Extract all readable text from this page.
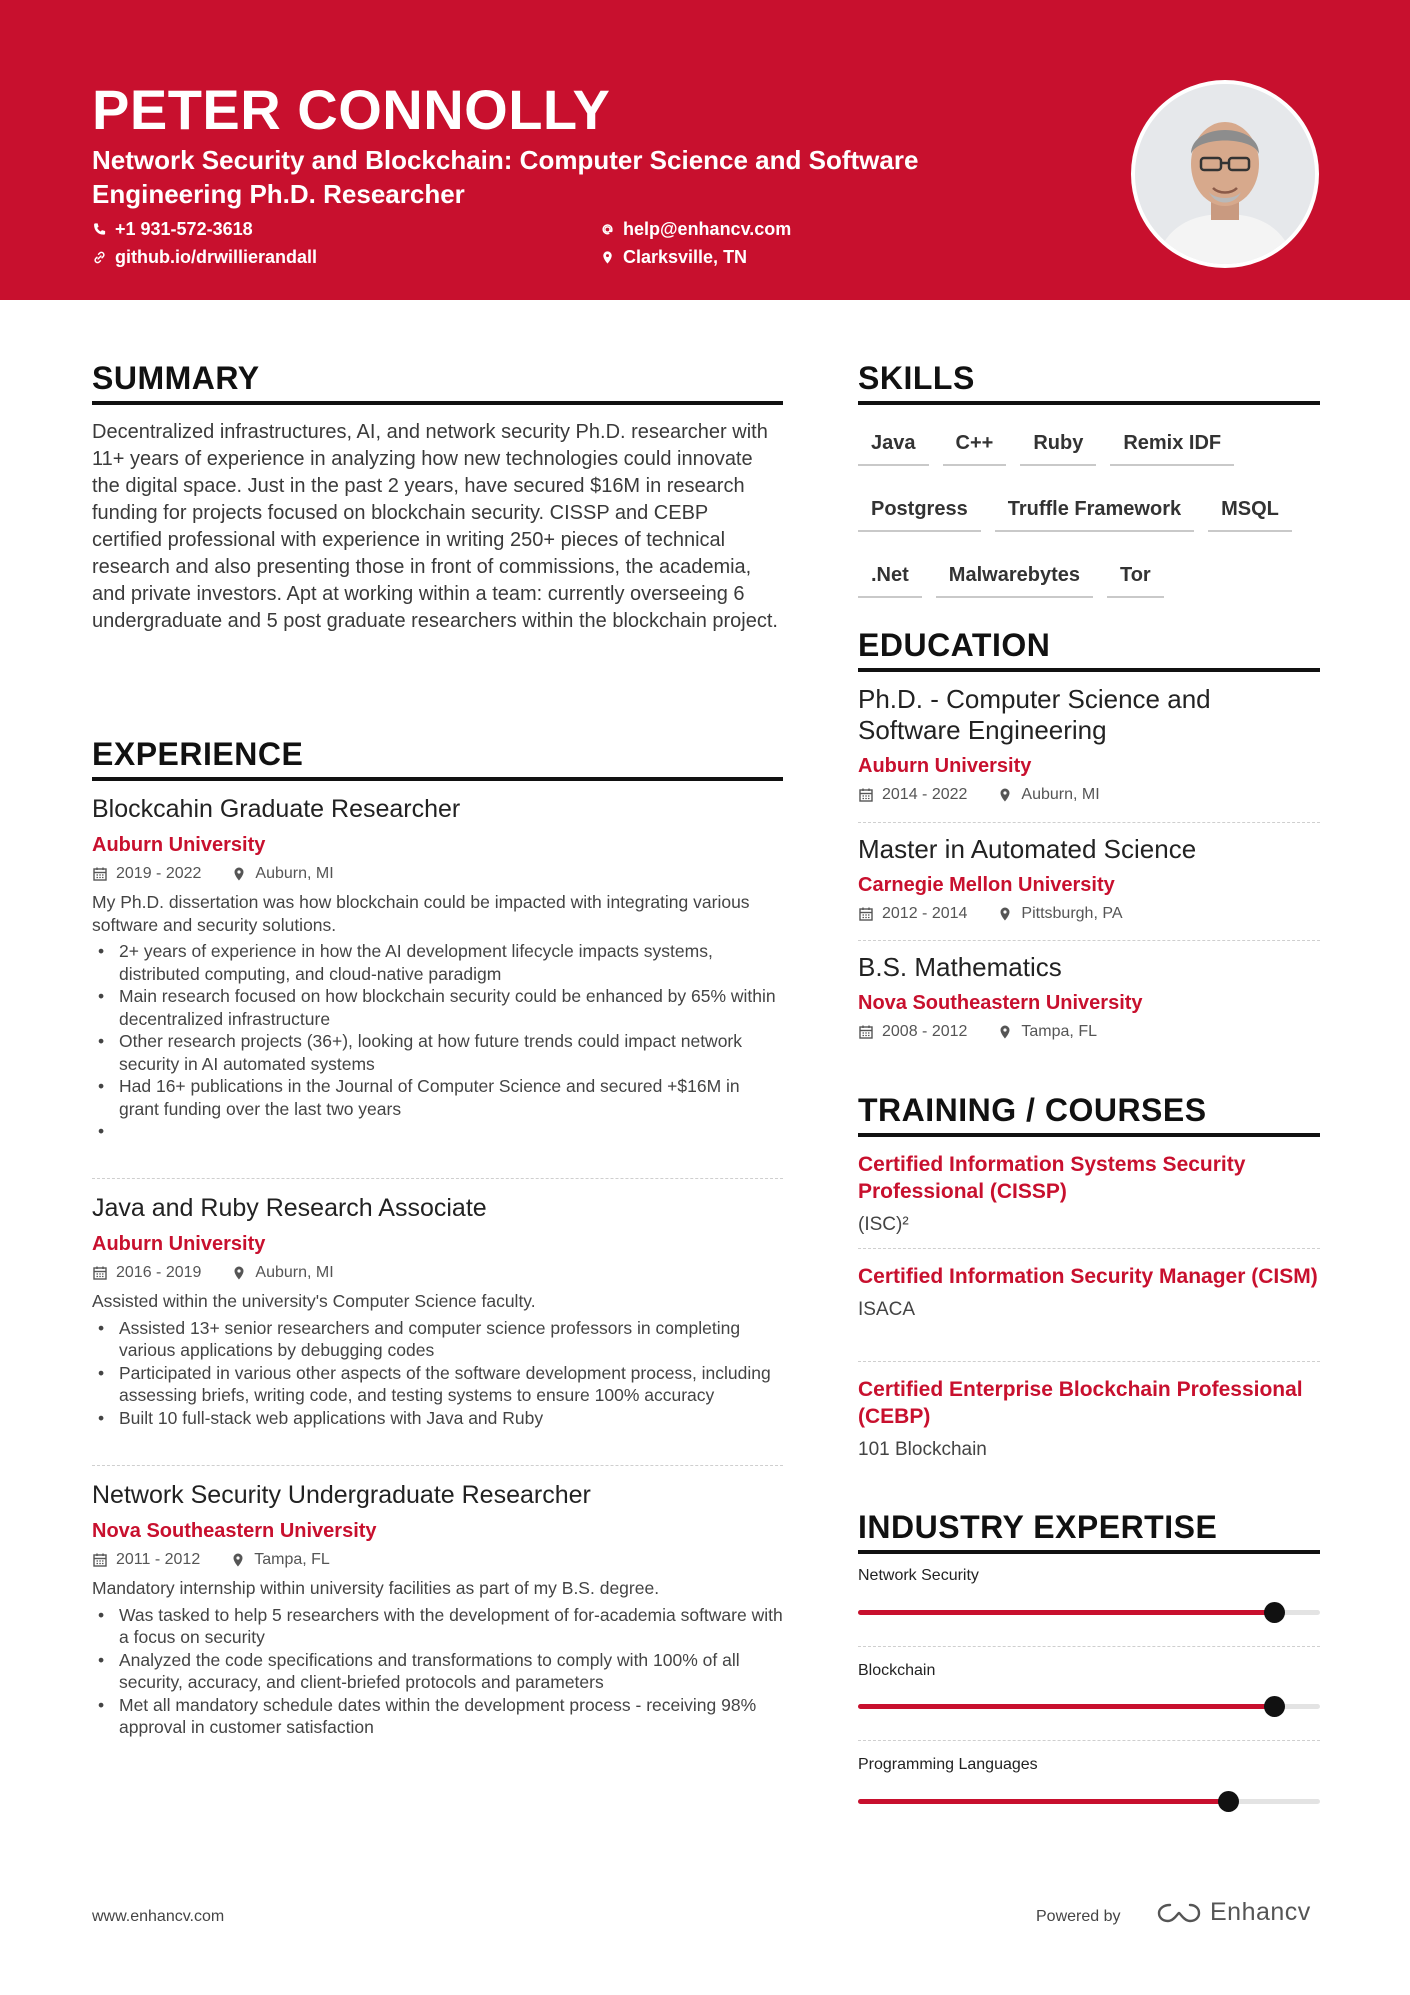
PETER CONNOLLY
Network Security and Blockchain: Computer Science and Software Engineering Ph.D. Researcher
+1 931-572-3618	help@enhancv.com
github.io/drwillierandall	Clarksville, TN
SUMMARY
Decentralized infrastructures, AI, and network security Ph.D. researcher with 11+ years of experience in analyzing how new technologies could innovate the digital space. Just in the past 2 years, have secured $16M in research funding for projects focused on blockchain security. CISSP and CEBP certified professional with experience in writing 250+ pieces of technical research and also presenting those in front of commissions, the academia, and private investors. Apt at working within a team: currently overseeing 6 undergraduate and 5 post graduate researchers within the blockchain project.
EXPERIENCE
Blockcahin Graduate Researcher
Auburn University
2019 - 2022	Auburn, MI
My Ph.D. dissertation was how blockchain could be impacted with integrating various software and security solutions.
• 2+ years of experience in how the AI development lifecycle impacts systems, distributed computing, and cloud-native paradigm
• Main research focused on how blockchain security could be enhanced by 65% within decentralized infrastructure
• Other research projects (36+), looking at how future trends could impact network security in AI automated systems
• Had 16+ publications in the Journal of Computer Science and secured +$16M in grant funding over the last two years
•
Java and Ruby Research Associate
Auburn University
2016 - 2019	Auburn, MI
Assisted within the university's Computer Science faculty.
• Assisted 13+ senior researchers and computer science professors in completing various applications by debugging codes
• Participated in various other aspects of the software development process, including assessing briefs, writing code, and testing systems to ensure 100% accuracy
• Built 10 full-stack web applications with Java and Ruby
Network Security Undergraduate Researcher
Nova Southeastern University
2011 - 2012	Tampa, FL
Mandatory internship within university facilities as part of my B.S. degree.
• Was tasked to help 5 researchers with the development of for-academia software with a focus on security
• Analyzed the code specifications and transformations to comply with 100% of all security, accuracy, and client-briefed protocols and parameters
• Met all mandatory schedule dates within the development process - receiving 98% approval in customer satisfaction
SKILLS
Java	C++	Ruby	Remix IDF
Postgress	Truffle Framework	MSQL
.Net	Malwarebytes	Tor
EDUCATION
Ph.D. - Computer Science and Software Engineering
Auburn University
2014 - 2022	Auburn, MI
Master in Automated Science
Carnegie Mellon University
2012 - 2014	Pittsburgh, PA
B.S. Mathematics
Nova Southeastern University
2008 - 2012	Tampa, FL
TRAINING / COURSES
Certified Information Systems Security Professional (CISSP)
(ISC)²
Certified Information Security Manager (CISM)
ISACA
Certified Enterprise Blockchain Professional (CEBP)
101 Blockchain
INDUSTRY EXPERTISE
Network Security
Blockchain
Programming Languages
www.enhancv.com	Powered by	Enhancv
